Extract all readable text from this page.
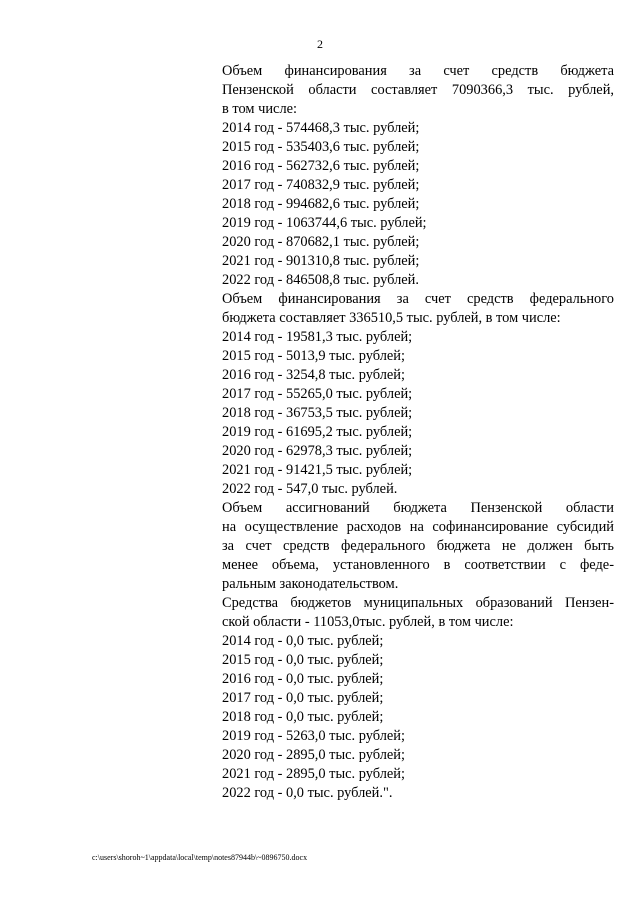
2
Объем финансирования за счет средств бюджета
Пензенской области составляет 7090366,3 тыс. рублей,
в том числе:
2014 год - 574468,3 тыс. рублей;
2015 год - 535403,6 тыс. рублей;
2016 год - 562732,6 тыс. рублей;
2017 год - 740832,9 тыс. рублей;
2018 год - 994682,6 тыс. рублей;
2019 год - 1063744,6 тыс. рублей;
2020 год - 870682,1 тыс. рублей;
2021 год - 901310,8 тыс. рублей;
2022 год - 846508,8 тыс. рублей.
Объем финансирования за счет средств федерального
бюджета составляет 336510,5 тыс. рублей, в том числе:
2014 год - 19581,3 тыс. рублей;
2015 год - 5013,9 тыс. рублей;
2016 год - 3254,8 тыс. рублей;
2017 год - 55265,0 тыс. рублей;
2018 год - 36753,5 тыс. рублей;
2019 год - 61695,2 тыс. рублей;
2020 год - 62978,3 тыс. рублей;
2021 год - 91421,5 тыс. рублей;
2022 год - 547,0 тыс. рублей.
Объем ассигнований бюджета Пензенской области
на осуществление расходов на софинансирование субсидий
за счет средств федерального бюджета не должен быть
менее объема, установленного в соответствии с феде-
ральным законодательством.
Средства бюджетов муниципальных образований Пензен-
ской области - 11053,0тыс. рублей, в том числе:
2014 год - 0,0 тыс. рублей;
2015 год - 0,0 тыс. рублей;
2016 год - 0,0 тыс. рублей;
2017 год - 0,0 тыс. рублей;
2018 год - 0,0 тыс. рублей;
2019 год - 5263,0 тыс. рублей;
2020 год - 2895,0 тыс. рублей;
2021 год - 2895,0 тыс. рублей;
2022 год - 0,0 тыс. рублей.".
c:\users\shoroh~1\appdata\local\temp\notes87944b\~0896750.docx
